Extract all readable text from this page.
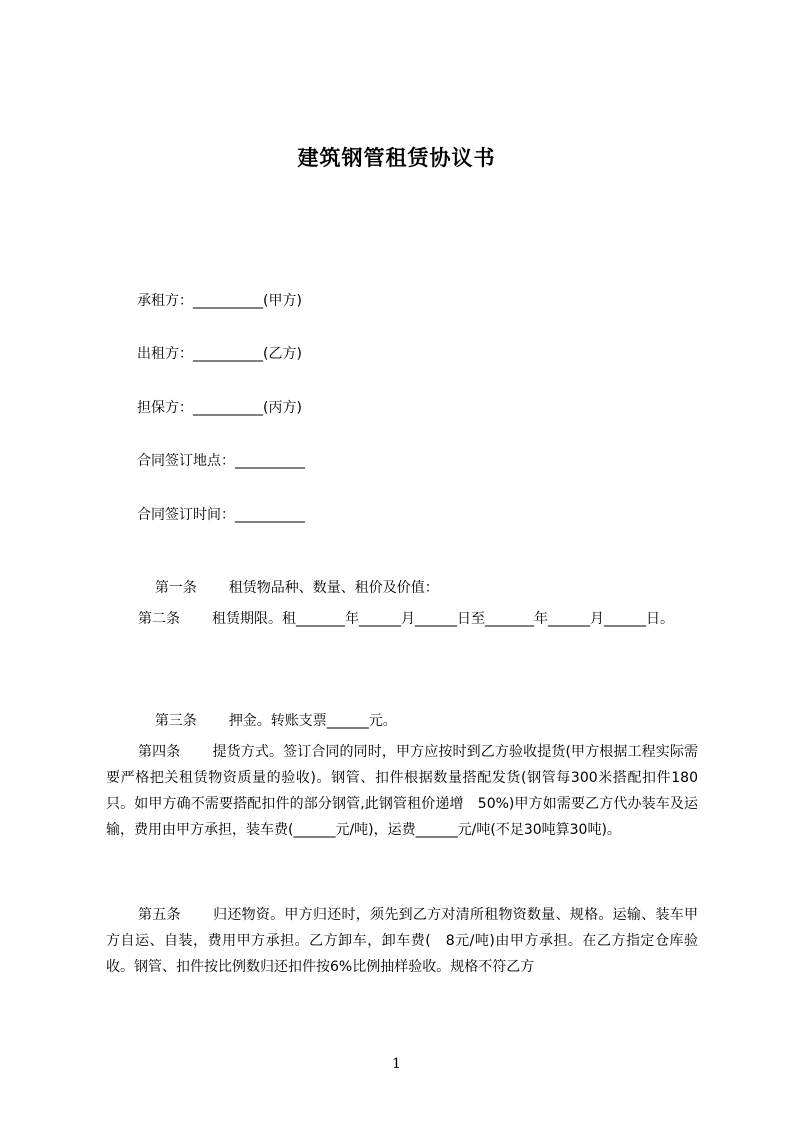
建筑钢管租赁协议书
承租方：__________(甲方)
出租方：__________(乙方)
担保方：__________(丙方)
合同签订地点：__________
合同签订时间：__________

第一条 租赁物品种、数量、租价及价值：

第二条 租赁期限。租_______年______月______日至_______年______月______日。

第三条 押金。转账支票______元。

第四条 提货方式。签订合同的同时，甲方应按时到乙方验收提货(甲方根据工程实际需要严格把关租赁物资质量的验收)。钢管、扣件根据数量搭配发货(钢管每300米搭配扣件180只。如甲方确不需要搭配扣件的部分钢管,此钢管租价递增　50%)甲方如需要乙方代办装车及运输，费用由甲方承担，装车费(______元/吨)，运费______元/吨(不足30吨算30吨)。
第五条 归还物资。甲方归还时，须先到乙方对清所租物资数量、规格。运输、装车甲方自运、自装，费用甲方承担。乙方卸车，卸车费(　8元/吨)由甲方承担。在乙方指定仓库验收。钢管、扣件按比例数归还扣件按6%比例抽样验收。规格不符乙方
1
